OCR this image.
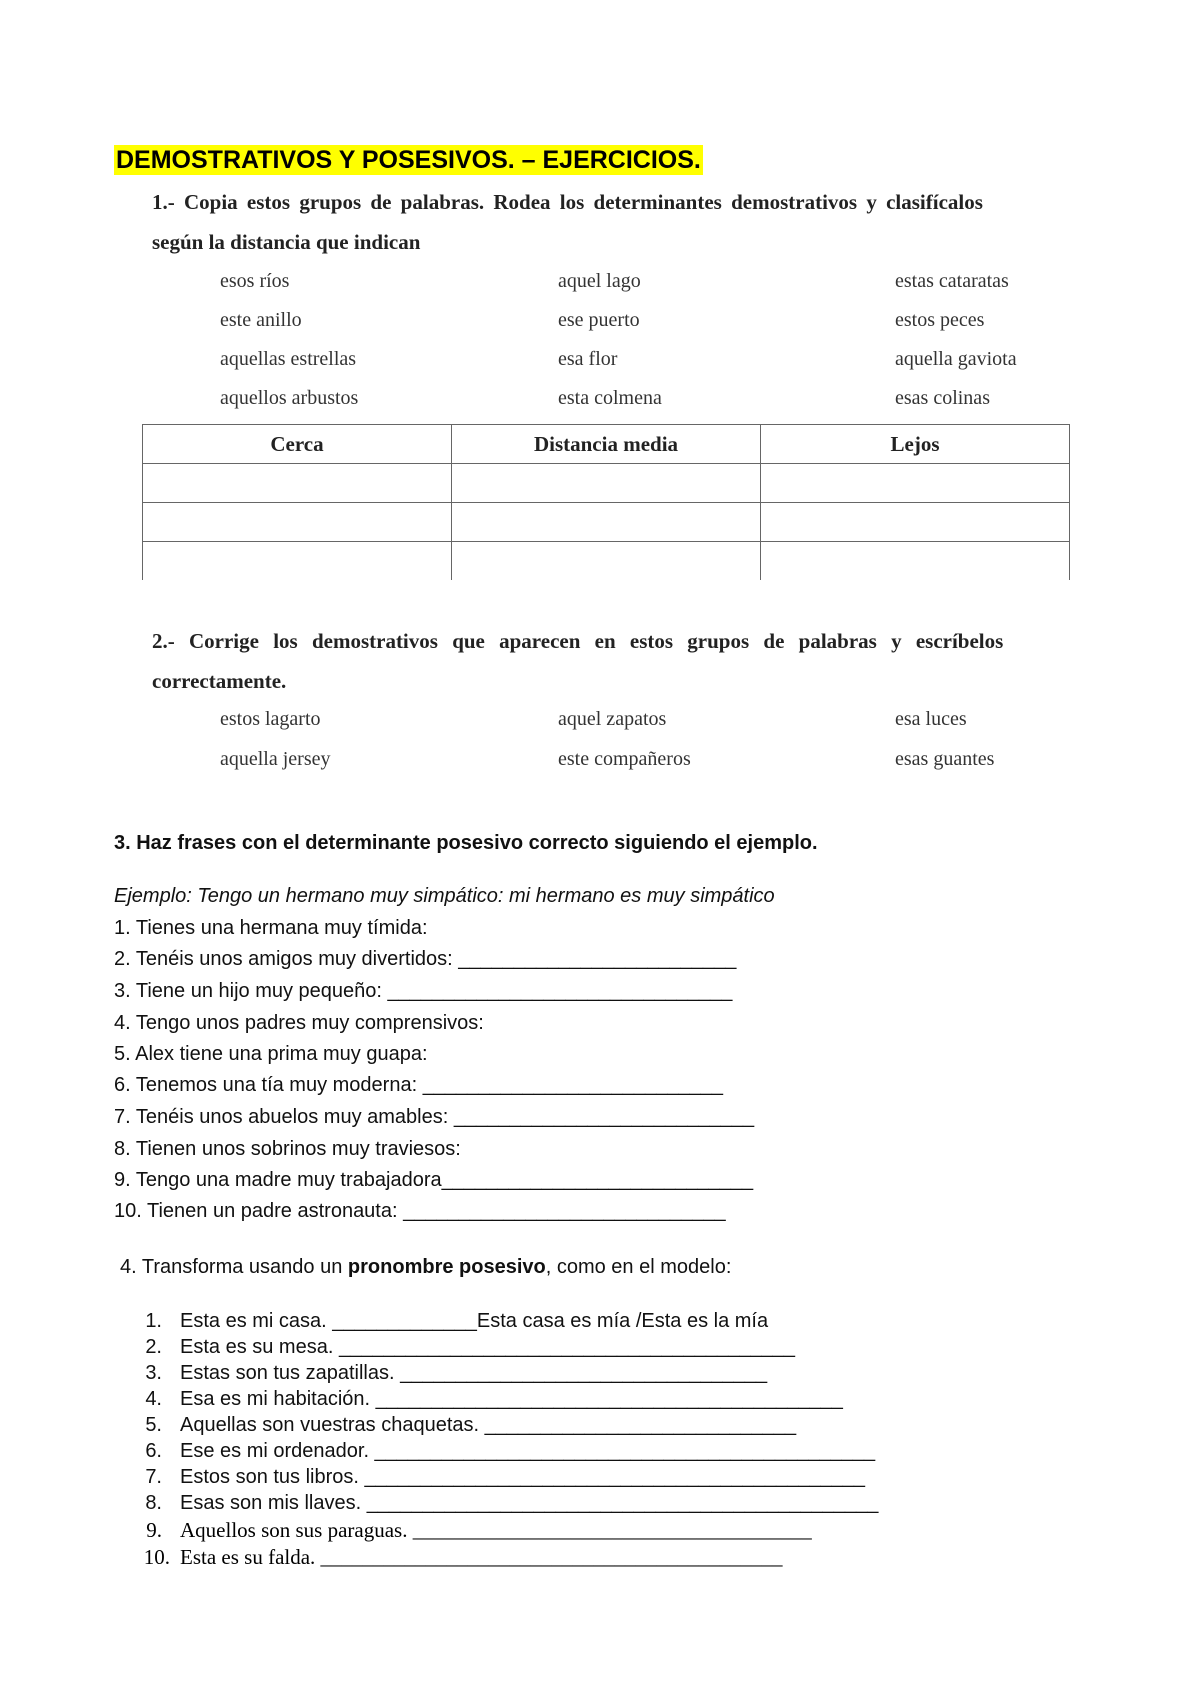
DEMOSTRATIVOS Y POSESIVOS. – EJERCICIOS.
1.- Copia estos grupos de palabras. Rodea los determinantes demostrativos y clasifícalos
según la distancia que indican
esos ríos	aquel lago	estas cataratas
este anillo	ese puerto	estos peces
aquellas estrellas	esa flor	aquella gaviota
aquellos arbustos	esta colmena	esas colinas
Cerca	Distancia media	Lejos

2.- Corrige los demostrativos que aparecen en estos grupos de palabras y escríbelos
correctamente.
estos lagarto	aquel zapatos	esa luces
aquella jersey	este compañeros	esas guantes
3. Haz frases con el determinante posesivo correcto siguiendo el ejemplo.
Ejemplo: Tengo un hermano muy simpático: mi hermano es muy simpático
1. Tienes una hermana muy tímida:
2. Tenéis unos amigos muy divertidos: _________________________
3. Tiene un hijo muy pequeño: _______________________________
4. Tengo unos padres muy comprensivos:
5. Alex tiene una prima muy guapa:
6. Tenemos una tía muy moderna: ___________________________
7. Tenéis unos abuelos muy amables: ___________________________
8. Tienen unos sobrinos muy traviesos:
9. Tengo una madre muy trabajadora____________________________
10. Tienen un padre astronauta: _____________________________
4. Transforma usando un pronombre posesivo, como en el modelo:
1. Esta es mi casa. _____________Esta casa es mía /Esta es la mía
2. Esta es su mesa. _________________________________________
3. Estas son tus zapatillas. _________________________________
4. Esa es mi habitación. __________________________________________
5. Aquellas son vuestras chaquetas. ____________________________
6. Ese es mi ordenador. _____________________________________________
7. Estos son tus libros. _____________________________________________
8. Esas son mis llaves. ______________________________________________
9. Aquellos son sus paraguas. ______________________________________
10. Esta es su falda. ____________________________________________
